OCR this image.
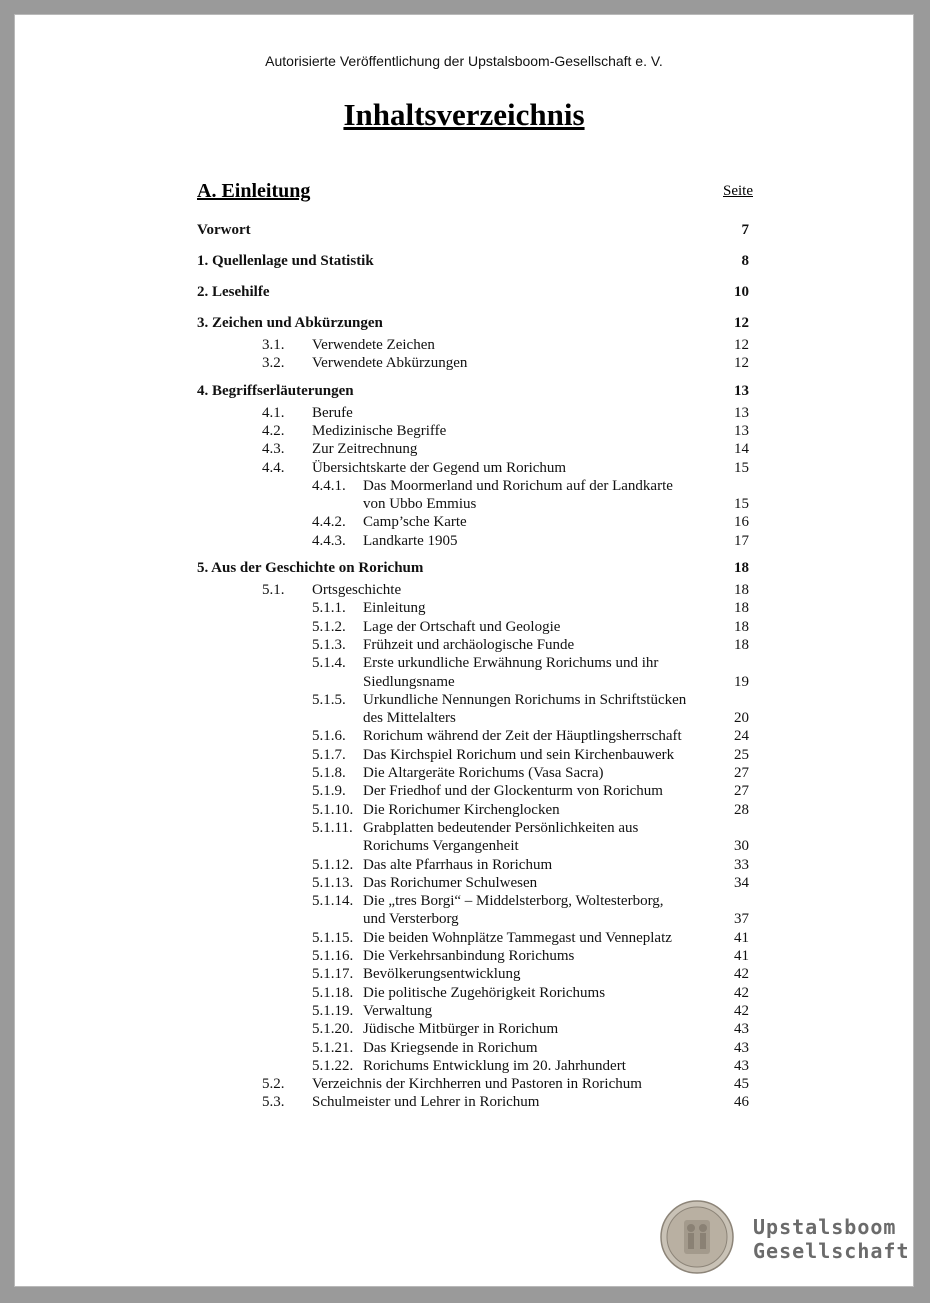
Autorisierte Veröffentlichung der Upstalsboom-Gesellschaft e. V.
Inhaltsverzeichnis
A. Einleitung	Seite
Vorwort	7
1. Quellenlage und Statistik	8
2. Lesehilfe	10
3. Zeichen und Abkürzungen	12
3.1. Verwendete Zeichen	12
3.2. Verwendete Abkürzungen	12
4. Begriffserläuterungen	13
4.1. Berufe	13
4.2. Medizinische Begriffe	13
4.3. Zur Zeitrechnung	14
4.4. Übersichtskarte der Gegend um Rorichum	15
4.4.1. Das Moormerland und Rorichum auf der Landkarte
von Ubbo Emmius	15
4.4.2. Camp’sche Karte	16
4.4.3. Landkarte 1905	17
5. Aus der Geschichte on Rorichum	18
5.1. Ortsgeschichte	18
5.1.1. Einleitung	18
5.1.2. Lage der Ortschaft und Geologie	18
5.1.3. Frühzeit und archäologische Funde	18
5.1.4. Erste urkundliche Erwähnung Rorichums und ihr
Siedlungsname	19
5.1.5. Urkundliche Nennungen Rorichums in Schriftstücken
des Mittelalters	20
5.1.6. Rorichum während der Zeit der Häuptlingsherrschaft	24
5.1.7. Das Kirchspiel Rorichum und sein Kirchenbauwerk	25
5.1.8. Die Altargeräte Rorichums (Vasa Sacra)	27
5.1.9. Der Friedhof und der Glockenturm von Rorichum	27
5.1.10. Die Rorichumer Kirchenglocken	28
5.1.11. Grabplatten bedeutender Persönlichkeiten aus
Rorichums Vergangenheit	30
5.1.12. Das alte Pfarrhaus in Rorichum	33
5.1.13. Das Rorichumer Schulwesen	34
5.1.14. Die „tres Borgi“ – Middelsterborg, Woltesterborg,
und Versterborg	37
5.1.15. Die beiden Wohnplätze Tammegast und Venneplatz	41
5.1.16. Die Verkehrsanbindung Rorichums	41
5.1.17. Bevölkerungsentwicklung	42
5.1.18. Die politische Zugehörigkeit Rorichums	42
5.1.19. Verwaltung	42
5.1.20. Jüdische Mitbürger in Rorichum	43
5.1.21. Das Kriegsende in Rorichum	43
5.1.22. Rorichums Entwicklung im 20. Jahrhundert	43
5.2. Verzeichnis der Kirchherren und Pastoren in Rorichum	45
5.3. Schulmeister und Lehrer in Rorichum	46
Upstalsboom
Gesellschaft
